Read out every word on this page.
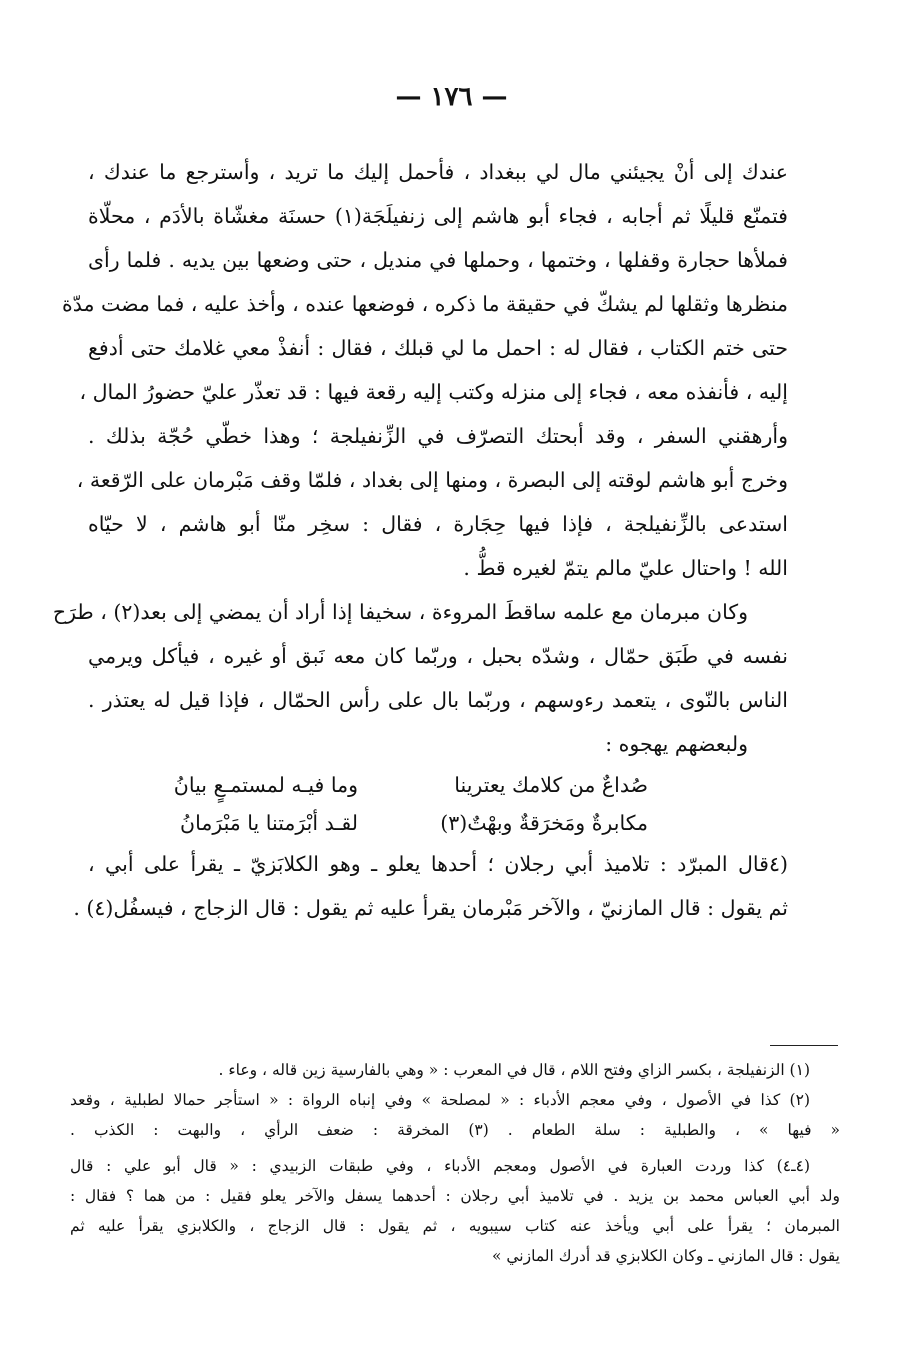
— ١٧٦ —
عندك إلى أنْ يجيئني مال لي ببغداد ، فأحمل إليك ما تريد ، وأسترجع ما عندك ،
فتمنّع قليلًا ثم أجابه ، فجاء أبو هاشم إلى زنفيلَجَة(١) حسنَة مغشّاة بالأدَم ، محلّاة
فملأها حجارة وقفلها ، وختمها ، وحملها في منديل ، حتى وضعها بين يديه . فلما رأى
منظرها وثقلها لم يشكّ في حقيقة ما ذكره ، فوضعها عنده ، وأخذ عليه ، فما مضت مدّة
حتى ختم الكتاب ، فقال له : احمل ما لي قبلك ، فقال : أنفذْ معي غلامك حتى أدفع
إليه ، فأنفذه معه ، فجاء إلى منزله وكتب إليه رقعة فيها : قد تعذّر عليّ حضورُ المال ،
وأرهقني السفر ، وقد أبحتك التصرّف في الزِّنفيلجة ؛ وهذا خطّي حُجّة بذلك .
وخرج أبو هاشم لوقته إلى البصرة ، ومنها إلى بغداد ، فلمّا وقف مَبْرمان على الرّقعة ،
استدعى بالزِّنفيلجة ، فإذا فيها حِجَارة ، فقال : سخِر منّا أبو هاشم ، لا حيّاه
الله ! واحتال عليّ مالم يتمّ لغيره قطُّ .
وكان مبرمان مع علمه ساقطَ المروءة ، سخيفا إذا أراد أن يمضي إلى بعد(٢) ، طرَح
نفسه في طَبَق حمّال ، وشدّه بحبل ، وربّما كان معه نَبق أو غيره ، فيأكل ويرمي
الناس بالنّوى ، يتعمد رءوسهم ، وربّما بال على رأس الحمّال ، فإذا قيل له يعتذر .
ولبعضهم يهجوه :
صُداعٌ من كلامك يعترينا
وما فيـه لمستمـعٍ بيانُ
مكابرةٌ ومَخرَقةٌ وبهْتٌ(٣)
لقـد أبْرَمتنا يا مَبْرَمانُ
(٤قال المبرّد : تلاميذ أبي رجلان ؛ أحدها يعلو ـ وهو الكلابَزيّ ـ يقرأ على أبي ،
ثم يقول : قال المازنيّ ، والآخر مَبْرمان يقرأ عليه ثم يقول : قال الزجاج ، فيسفُل(٤) .
(١) الزنفيلجة ، بكسر الزاي وفتح اللام ، قال في المعرب : « وهي بالفارسية زين قاله ، وعاء .
(٢) كذا في الأصول ، وفي معجم الأدباء : « لمصلحة » وفي إنباه الرواة : « استأجر حمالا لطبلية ، وقعد
« فيها » ، والطبلية : سلة الطعام . (٣) المخرقة : ضعف الرأي ، والبهت : الكذب .
(٤ـ٤) كذا وردت العبارة في الأصول ومعجم الأدباء ، وفي طبقات الزبيدي : « قال أبو علي : قال
ولد أبي العباس محمد بن يزيد . في تلاميذ أبي رجلان : أحدهما يسفل والآخر يعلو فقيل : من هما ؟ فقال :
المبرمان ؛ يقرأ على أبي ويأخذ عنه كتاب سيبويه ، ثم يقول : قال الزجاج ، والكلابزي يقرأ عليه ثم
يقول : قال المازني ـ وكان الكلابزي قد أدرك المازني »
